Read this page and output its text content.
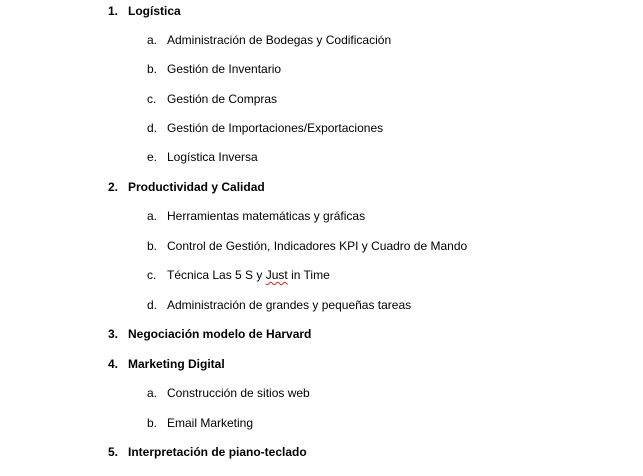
1. Logística
a. Administración de Bodegas y Codificación
b. Gestión de Inventario
c. Gestión de Compras
d. Gestión de Importaciones/Exportaciones
e. Logística Inversa
2. Productividad y Calidad
a. Herramientas matemáticas y gráficas
b. Control de Gestión, Indicadores KPI y Cuadro de Mando
c. Técnica Las 5 S y Just in Time
d. Administración de grandes y pequeñas tareas
3. Negociación modelo de Harvard
4. Marketing Digital
a. Construcción de sitios web
b. Email Marketing
5. Interpretación de piano-teclado
